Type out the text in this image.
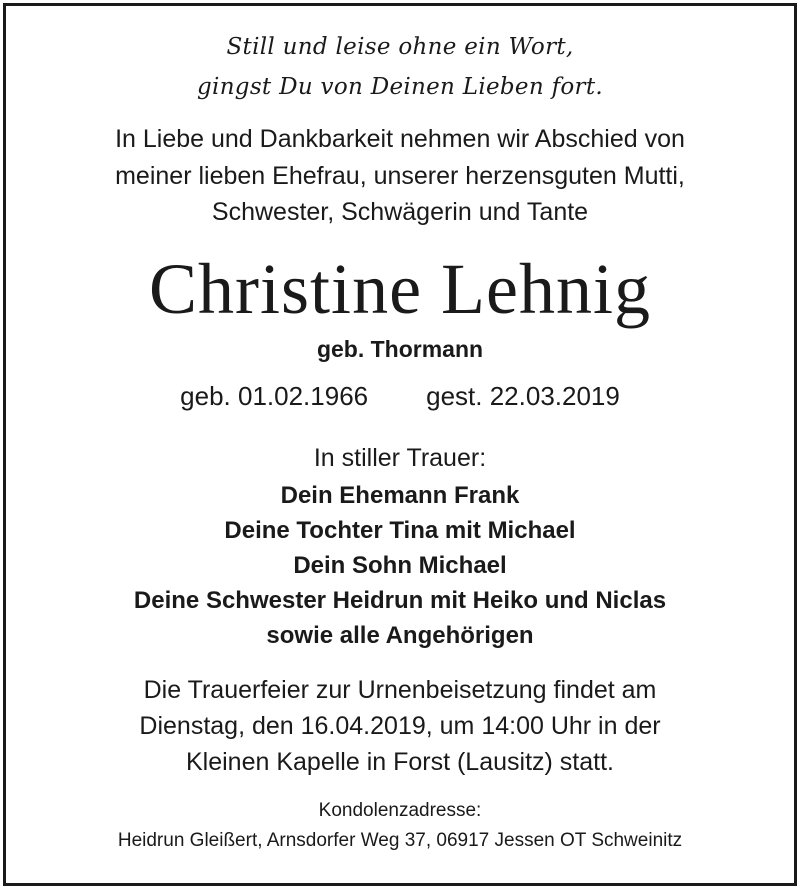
Still und leise ohne ein Wort,

gingst Du von Deinen Lieben fort.

In Liebe und Dankbarkeit nehmen wir Abschied von

meiner lieben Ehefrau, unserer herzensguten Mutti,

Schwester, Schwägerin und Tante

Christine Lehnig

geb. Thormann

geb. 01.02.1966 gest. 22.03.2019

In stiller Trauer:

Dein Ehemann Frank

Deine Tochter Tina mit Michael

Dein Sohn Michael

Deine Schwester Heidrun mit Heiko und Niclas

sowie alle Angehörigen

Die Trauerfeier zur Urnenbeisetzung findet am

Dienstag, den 16.04.2019, um 14:00 Uhr in der

Kleinen Kapelle in Forst (Lausitz) statt.

Kondolenzadresse:

Heidrun Gleißert, Arnsdorfer Weg 37, 06917 Jessen OT Schweinitz
